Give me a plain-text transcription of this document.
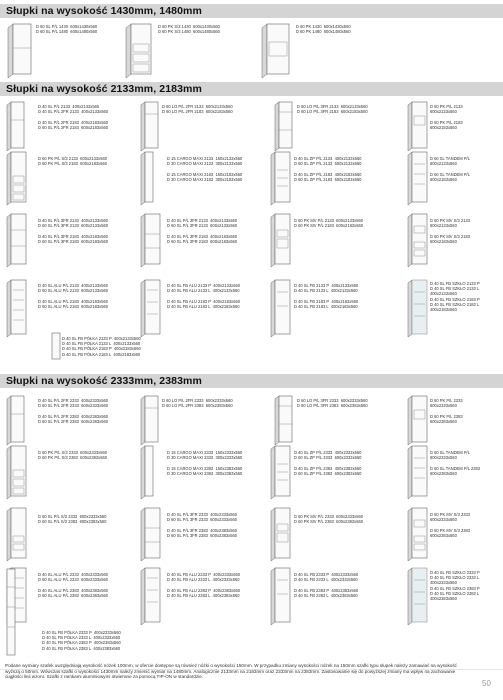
Słupki na wysokość 1430mm, 1480mm
D 60 SL P/L 1430  600x1430x560
D 60 SL P/L 1480  600x1480x560
D 60 PK S/3 1430  600x1430x560
D 60 PK S/3 1480  600x1480x560
D 60 PK 1430  600x1430x560
D 60 PK 1480  600x1480x560
Słupki na wysokość 2133mm, 2183mm
D 40 SL P/L 2133  400x2133x560
D 40 SL P/L 2FR 2133  400x2133x560

D 40 SL P/L 2FR 2183  400x2183x560
D 60 SL P/L 2FR 2183  600x2183x560
D 60 LO P/L 2FR 2133  600x2133x560
D 60 LO P/L 2FR 2183  600x2183x560
D 60 LO P/L 3FR 2133  600x2133x560
D 60 LO P/L 3FR 2183  600x2183x560
D 60 PK P/L 2133
600x2133x560

D 60 PK P/L 2183
600x2183x560
D 60 PK P/L S/3 2133  600x2133x560
D 60 PK P/L S/3 2183  600x2183x560
D 15 CARGO MAXI 2133  150x2133x560
D 30 CARGO MAXI 2133  300x2133x560

D 15 CARGO MAXI 2183  150x2183x560
D 30 CARGO MAXI 2183  300x2183x560
D 40 SL ZP P/L 2133  400x2133x560
D 60 SL ZP P/L 2133  600x2133x560

D 40 SL ZP P/L 2183  400x2183x560
D 60 SL ZP P/L 2183  600x2183x560
D 60 SL TANDEM P/L
600x2133x560

D 60 SL TANDEM P/L
600x2183x560
D 40 SL P/L 3FR 2133  400x2133x560
D 60 SL P/L 3FR 2133  600x2133x560

D 40 SL P/L 3FR 2183  400x2183x560
D 60 SL P/L 3FR 2183  600x2183x560
D 40 SL P/L 3FR 2133  400x2133x560
D 60 SL P/L 3FR 2133  600x2133x560

D 40 SL P/L 3FR 2183  400x2183x560
D 60 SL P/L 3FR 2183  600x2183x560
D 60 PK MV P/L 2133  600x2133x560
D 60 PK MV P/L 2183  600x2183x560
D 60 PK MV S/3 2133
600x2133x560

D 60 PK MV S/3 2183
600x2183x560
D 40 SL ALU P/L 2133  400x2133x560
D 60 SL ALU P/L 2133  600x2133x560

D 40 SL ALU P/L 2183  400x2183x560
D 60 SL ALU P/L 2183  600x2183x560
D 40 SL FB ALU 2133 P  400x2133x560
D 40 SL FB ALU 2133 L  400x2133x560

D 40 SL FB ALU 2183 P  400x2183x560
D 40 SL FB ALU 2183 L  400x2183x560
D 40 SL FB 2133 P  400x2133x560
D 40 SL FB 2133 L  400x2133x560

D 40 SL FB 2183 P  400x2183x560
D 40 SL FB 2183 L  400x2183x560
D 40 SL FB SZKŁO 2133 P
D 40 SL FB SZKŁO 2133 L
400x2133x560
D 40 SL FB SZKŁO 2183 P
D 40 SL FB SZKŁO 2183 L
400x2183x560
D 40 SL FB PÓŁKA 2133 P  400x2133x560
D 40 SL FB PÓŁKA 2133 L  400x2133x560
D 40 SL FB PÓŁKA 2183 P  400x2183x560
D 40 SL FB PÓŁKA 2183 L  400x2183x560
Słupki na wysokość 2333mm, 2383mm
D 40 SL P/L 2FR 2333  400x2333x560
D 60 SL P/L 2FR 2333  600x2333x560

D 40 SL P/L 2FR 2383  400x2383x560
D 60 SL P/L 2FR 2383  600x2383x560
D 60 LO P/L 2FR 2333  600x2333x560
D 60 LO P/L 2FR 2383  600x2383x560
D 60 LO P/L 3FR 2333  600x2333x560
D 60 LO P/L 3FR 2383  600x2383x560
D 60 PK P/L 2333
600x2333x560

D 60 PK P/L 2383
600x2383x560
D 60 PK P/L S/3 2333  600x2333x560
D 60 PK P/L S/3 2383  600x2383x560
D 15 CARGO MAXI 2333  150x2333x560
D 30 CARGO MAXI 2333  300x2333x560

D 15 CARGO MAXI 2383  150x2383x560
D 30 CARGO MAXI 2383  300x2383x560
D 40 SL ZP P/L 2333  400x2333x560
D 60 SL ZP P/L 2333  600x2333x560

D 40 SL ZP P/L 2383  400x2383x560
D 60 SL ZP P/L 2383  600x2383x560
D 60 SL TANDEM P/L
600x2333x560

D 60 SL TANDEM P/L 2383
600x2383x560
D 60 SL P/L S/3 2333  600x2333x560
D 60 SL P/L S/3 2383  600x2383x560
D 40 SL P/L 3FR 2333  400x2333x560
D 60 SL P/L 3FR 2333  600x2333x560

D 40 SL P/L 3FR 2383  400x2383x560
D 60 SL P/L 3FR 2383  600x2383x560
D 60 PK MV P/L 2333  600x2333x560
D 60 PK MV P/L 2383  600x2383x560
D 60 PK MV S/3 2333
600x2333x560

D 60 PK MV S/3 2383
600x2383x560
D 40 SL ALU P/L 2333  400x2333x560
D 60 SL ALU P/L 2333  600x2333x560

D 40 SL ALU P/L 2383  400x2383x560
D 60 SL ALU P/L 2383  600x2383x560
D 40 SL FB ALU 2333 P  400x2333x560
D 40 SL FB ALU 2333 L  400x2333x560

D 40 SL FB ALU 2383 P  400x2383x560
D 40 SL FB ALU 2383 L  400x2383x560
D 40 SL FB 2333 P  400x2333x560
D 40 SL FB 2333 L  400x2333x560

D 40 SL FB 2383 P  400x2383x560
D 40 SL FB 2383 L  400x2383x560
D 40 SL FB SZKŁO 2333 P
D 40 SL FB SZKŁO 2333 L
400x2333x560
D 40 SL FB SZKŁO 2383 P
D 40 SL FB SZKŁO 2383 L
400x2383x560
D 40 SL FB PÓŁKA 2333 P  400x2333x560
D 40 SL FB PÓŁKA 2333 L  400x2333x560
D 40 SL FB PÓŁKA 2383 P  400x2383x560
D 40 SL FB PÓŁKA 2383 L  400x2383x560
Podane wymiary szafek uwzględniają wysokość nóżek 100mm, w ofercie dostępne są również nóżki o wysokości 150mm. W przypadku zmiany wysokości nóżek na 150mm szafki typu słupek należy zamawiać na wysokość wyższą o 50mm. Wówczas szafki o wysokości 1430mm należy zmienić wymiar na 1480mm. Analogicznie 2133mm na 2183mm oraz 2333mm na 2383mm. Zastosowanie się do powyższej zmiany ma wpływ na zachowanie ciągłości linii wzoru. Szafki z ramkami aluminiowymi otwierane za pomocą TIP-ON w standardzie.
50
